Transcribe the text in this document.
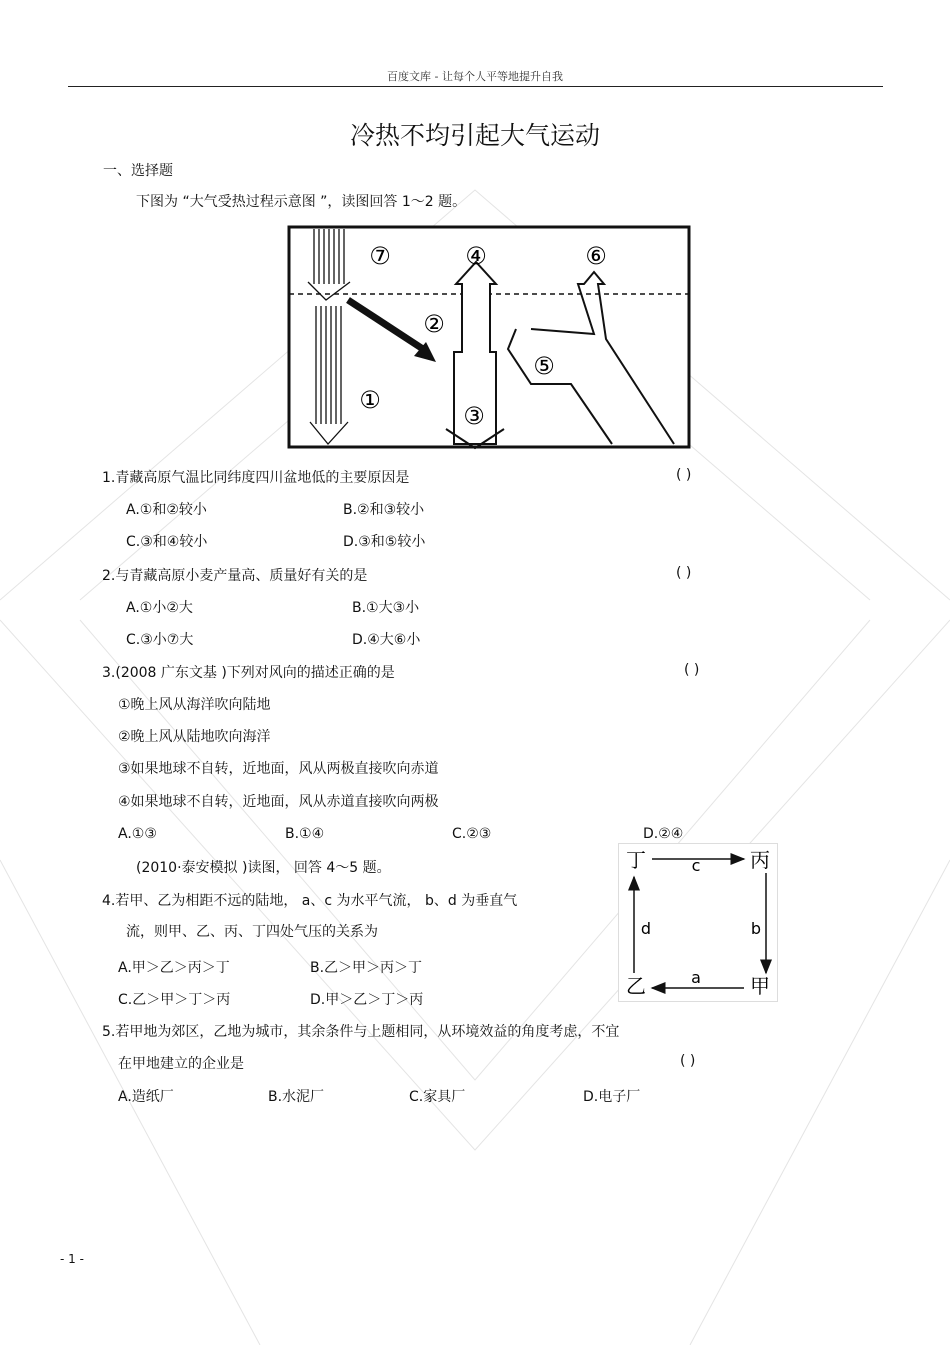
百度文库 - 让每个人平等地提升自我
冷热不均引起大气运动
一、选择题
下图为 “大气受热过程示意图 ”，读图回答 1～2 题。
⑦	④	⑥
②
⑤
①
③
1.青藏高原气温比同纬度四川盆地低的主要原因是	( )
A.①和②较小	B.②和③较小
C.③和④较小	D.③和⑤较小
2.与青藏高原小麦产量高、质量好有关的是	( )
A.①小②大	B.①大③小
C.③小⑦大	D.④大⑥小
3.(2008 广东文基 )下列对风向的描述正确的是	( )
①晚上风从海洋吹向陆地
②晚上风从陆地吹向海洋
③如果地球不自转，近地面，风从两极直接吹向赤道
④如果地球不自转，近地面，风从赤道直接吹向两极
A.①③	B.①④	C.②③	D.②④
(2010·泰安模拟 )读图， 回答 4～5 题。	丁	丙
乙	甲
c
b
a
d
4.若甲、乙为相距不远的陆地， a、c 为水平气流， b、d 为垂直气
流，则甲、乙、丙、丁四处气压的关系为
A.甲＞乙＞丙＞丁	B.乙＞甲＞丙＞丁
C.乙＞甲＞丁＞丙	D.甲＞乙＞丁＞丙
5.若甲地为郊区，乙地为城市，其余条件与上题相同，从环境效益的角度考虑，不宜
在甲地建立的企业是	( )
A.造纸厂	B.水泥厂	C.家具厂	D.电子厂
- 1 -
